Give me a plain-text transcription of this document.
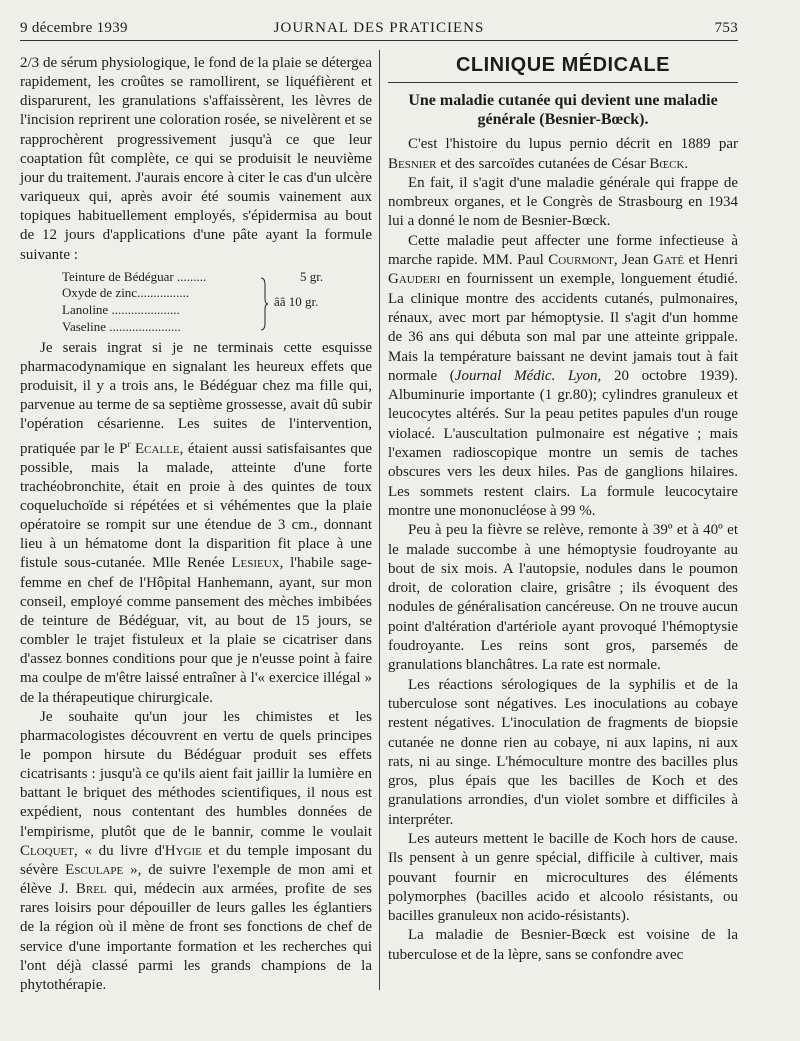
9 décembre 1939	JOURNAL DES PRATICIENS	753

2/3 de sérum physiologique, le fond de la plaie se détergea rapidement, les croûtes se ramollirent, se liquéfièrent et disparurent, les granulations s'affaissèrent, les lèvres de l'incision reprirent une coloration rosée, se nivelèrent et se rapprochèrent progressivement jusqu'à ce que leur coaptation fût complète, ce qui se produisit le neuvième jour du traitement. J'aurais encore à citer le cas d'un ulcère variqueux qui, après avoir été soumis vainement aux topiques habituellement employés, s'épidermisa au bout de 12 jours d'applications d'une pâte ayant la formule suivante :

Teinture de Bédéguar .........	5 gr.
Oxyde de zinc................
Lanoline .....................
Vaseline ......................
ââ 10 gr.

Je serais ingrat si je ne terminais cette esquisse pharmacodynamique en signalant les heureux effets que produisit, il y a trois ans, le Bédéguar chez ma fille qui, parvenue au terme de sa septième grossesse, avait dû subir l'opération césarienne. Les suites de l'intervention, pratiquée par le $P^r$ Ecalle, étaient aussi satisfaisantes que possible, mais la malade, atteinte d'une forte trachéobronchite, était en proie à des quintes de toux coqueluchoïde si répétées et si véhémentes que la plaie opératoire se rompit sur une étendue de 3 cm., donnant lieu à un hématome dont la disparition fit place à une fistule sous-cutanée. Mlle Renée Lesieux, l'habile sage-femme en chef de l'Hôpital Hanhemann, ayant, sur mon conseil, employé comme pansement des mèches imbibées de teinture de Bédéguar, vit, au bout de 15 jours, se combler le trajet fistuleux et la plaie se cicatriser dans d'assez bonnes conditions pour que je n'eusse point à faire ma coulpe de m'être laissé entraîner à l'« exercice illégal » de la thérapeutique chirurgicale.

Je souhaite qu'un jour les chimistes et les pharmacologistes découvrent en vertu de quels principes le pompon hirsute du Bédéguar produit ses effets cicatrisants : jusqu'à ce qu'ils aient fait jaillir la lumière en battant le briquet des méthodes scientifiques, il nous est expédient, nous contentant des humbles données de l'empirisme, plutôt que de le bannir, comme le voulait Cloquet, « du livre d'Hygie et du temple imposant du sévère Esculape », de suivre l'exemple de mon ami et élève J. Brel qui, médecin aux armées, profite de ses rares loisirs pour dépouiller de leurs galles les églantiers de la région où il mène de front ses fonctions de chef de service d'une importante formation et les recherches qui l'ont déjà classé parmi les grands champions de la phytothérapie.

CLINIQUE MÉDICALE
Une maladie cutanée qui devient une maladie générale (Besnier-Bœck).

C'est l'histoire du lupus pernio décrit en 1889 par Besnier et des sarcoïdes cutanées de César Bœck.

En fait, il s'agit d'une maladie générale qui frappe de nombreux organes, et le Congrès de Strasbourg en 1934 lui a donné le nom de Besnier-Bœck.

Cette maladie peut affecter une forme infectieuse à marche rapide. MM. Paul Courmont, Jean Gaté et Henri Gauderi en fournissent un exemple, longuement étudié. La clinique montre des accidents cutanés, pulmonaires, rénaux, avec mort par hémoptysie. Il s'agit d'un homme de 36 ans qui débuta son mal par une atteinte grippale. Mais la température baissant ne devint jamais tout à fait normale (Journal Médic. Lyon, 20 octobre 1939). Albuminurie importante (1 gr.80); cylindres granuleux et leucocytes altérés. Sur la peau petites papules d'un rouge violacé. L'auscultation pulmonaire est négative ; mais l'examen radioscopique montre un semis de taches obscures vers les deux hiles. Pas de ganglions hilaires. Les sommets restent clairs. La formule leucocytaire montre une mononucléose à 99 %.

Peu à peu la fièvre se relève, remonte à 39º et à 40º et le malade succombe à une hémoptysie foudroyante au bout de six mois. A l'autopsie, nodules dans le poumon droit, de coloration claire, grisâtre ; ils évoquent des nodules de généralisation cancéreuse. On ne trouve aucun point d'altération d'artériole ayant provoqué l'hémoptysie foudroyante. Les reins sont gros, parsemés de granulations blanchâtres. La rate est normale.

Les réactions sérologiques de la syphilis et de la tuberculose sont négatives. Les inoculations au cobaye restent négatives. L'inoculation de fragments de biopsie cutanée ne donne rien au cobaye, ni aux lapins, ni aux rats, ni au singe. L'hémoculture montre des bacilles plus gros, plus épais que les bacilles de Koch et des granulations arrondies, d'un violet sombre et difficiles à interpréter.

Les auteurs mettent le bacille de Koch hors de cause. Ils pensent à un genre spécial, difficile à cultiver, mais pouvant fournir en microcultures des éléments polymorphes (bacilles acido et alcoolo résistants, ou bacilles granuleux non acido-résistants).

La maladie de Besnier-Bœck est voisine de la tuberculose et de la lèpre, sans se confondre avec
